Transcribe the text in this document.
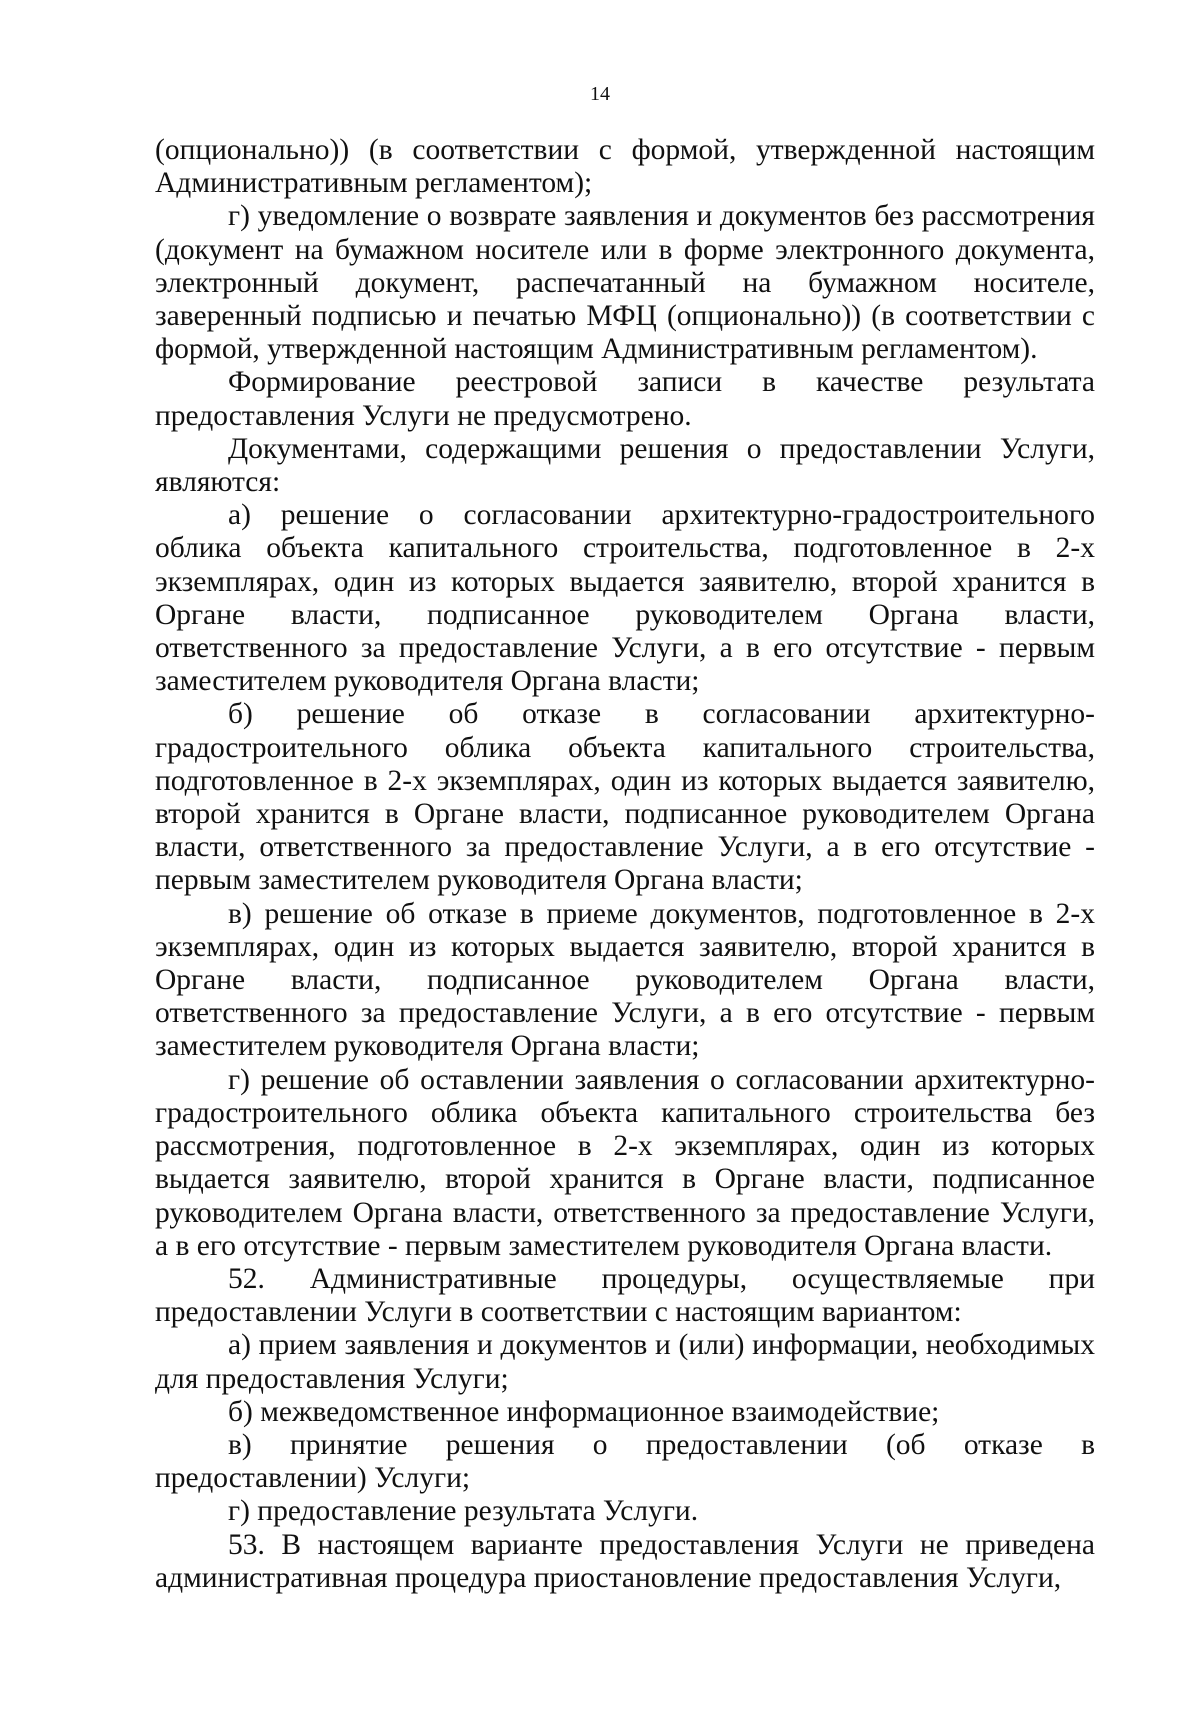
14

(опционально)) (в соответствии с формой, утвержденной настоящим Административным регламентом);

г) уведомление о возврате заявления и документов без рассмотрения (документ на бумажном носителе или в форме электронного документа, электронный документ, распечатанный на бумажном носителе, заверенный подписью и печатью МФЦ (опционально)) (в соответствии с формой, утвержденной настоящим Административным регламентом).

Формирование реестровой записи в качестве результата предоставления Услуги не предусмотрено.

Документами, содержащими решения о предоставлении Услуги, являются:

а) решение о согласовании архитектурно-градостроительного облика объекта капитального строительства, подготовленное в 2-х экземплярах, один из которых выдается заявителю, второй хранится в Органе власти, подписанное руководителем Органа власти, ответственного за предоставление Услуги, а в его отсутствие - первым заместителем руководителя Органа власти;

б) решение об отказе в согласовании архитектурно-градостроительного облика объекта капитального строительства, подготовленное в 2-х экземплярах, один из которых выдается заявителю, второй хранится в Органе власти, подписанное руководителем Органа власти, ответственного за предоставление Услуги, а в его отсутствие - первым заместителем руководителя Органа власти;

в) решение об отказе в приеме документов, подготовленное в 2-х экземплярах, один из которых выдается заявителю, второй хранится в Органе власти, подписанное руководителем Органа власти, ответственного за предоставление Услуги, а в его отсутствие - первым заместителем руководителя Органа власти;

г) решение об оставлении заявления о согласовании архитектурно-градостроительного облика объекта капитального строительства без рассмотрения, подготовленное в 2-х экземплярах, один из которых выдается заявителю, второй хранится в Органе власти, подписанное руководителем Органа власти, ответственного за предоставление Услуги, а в его отсутствие - первым заместителем руководителя Органа власти.

52. Административные процедуры, осуществляемые при предоставлении Услуги в соответствии с настоящим вариантом:

а) прием заявления и документов и (или) информации, необходимых для предоставления Услуги;

б) межведомственное информационное взаимодействие;

в) принятие решения о предоставлении (об отказе в предоставлении) Услуги;

г) предоставление результата Услуги.

53. В настоящем варианте предоставления Услуги не приведена административная процедура приостановление предоставления Услуги,
